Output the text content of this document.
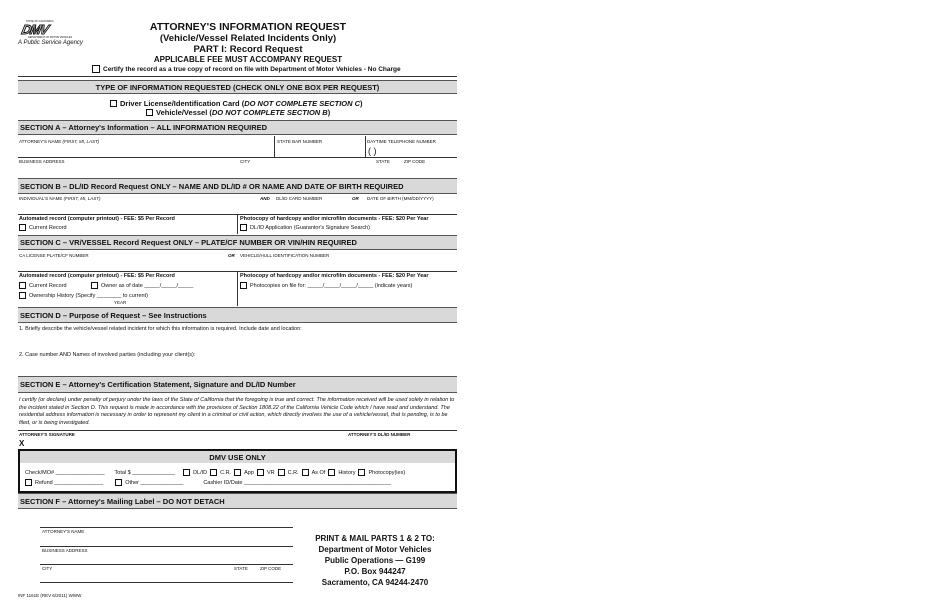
STATE OF CALIFORNIA
DMV
DEPARTMENT OF MOTOR VEHICLES
A Public Service Agency
ATTORNEY'S INFORMATION REQUEST
(Vehicle/Vessel Related Incidents Only)
PART I: Record Request
APPLICABLE FEE MUST ACCOMPANY REQUEST
Certify the record as a true copy of record on file with Department of Motor Vehicles - No Charge
TYPE OF INFORMATION REQUESTED (CHECK ONLY ONE BOX PER REQUEST)
Driver License/Identification Card (DO NOT COMPLETE SECTION C)
Vehicle/Vessel (DO NOT COMPLETE SECTION B)
SECTION A – Attorney's Information – ALL INFORMATION REQUIRED
ATTORNEY'S NAME (FIRST, MI, LAST)	STATE BAR NUMBER	DAYTIME TELEPHONE NUMBER
( )
BUSINESS ADDRESS	CITY	STATE	ZIP CODE
SECTION B – DL/ID Record Request ONLY – NAME AND DL/ID # OR NAME AND DATE OF BIRTH REQUIRED
INDIVIDUAL'S NAME (FIRST, MI, LAST)	AND DL/ID CARD NUMBER	OR DATE OF BIRTH (MM/DD/YYYY)
Automated record (computer printout) - FEE: $5 Per Record
Current Record
Photocopy of hardcopy and/or microfilm documents - FEE: $20 Per Year
DL/ID Application (Guarantor's Signature Search)
SECTION C – VR/VESSEL Record Request ONLY – PLATE/CF NUMBER OR VIN/HIN REQUIRED
CA LICENSE PLATE/CF NUMBER	OR VEHICLE/HULL IDENTIFICATION NUMBER
Automated record (computer printout) - FEE: $5 Per Record
Current Record	Owner as of date _____/_____/_____
Ownership History (Specify ________ to current)
YEAR
Photocopy of hardcopy and/or microfilm documents - FEE: $20 Per Year
Photocopies on file for: _____/_____/_____/_____ (indicate years)
SECTION D – Purpose of Request – See Instructions
1. Briefly describe the vehicle/vessel related incident for which this information is required. Include date and location:
2. Case number AND Names of involved parties (including your client(s):
SECTION E – Attorney's Certification Statement, Signature and DL/ID Number
I certify (or declare) under penalty of perjury under the laws of the State of California that the foregoing is true and correct. The information received will be used solely in relation to the incident stated in Section D. This request is made in accordance with the provisions of Section 1808.22 of the California Vehicle Code which I have read and understand. The residential address information is necessary in order to represent my client in a criminal or civil action, which directly involves the use of a vehicle/vessel, that is pending, is to be filed, or is being investigated.
ATTORNEY'S SIGNATURE	ATTORNEY'S DL/ID NUMBER
X
DMV USE ONLY
Check/MO# ________________ Total $ ______________	DL/ID C.R. App VR C.R. As Of History Photocopy(ies)
Refund ________________	Other ______________	Cashier ID/Date ________________________________________________
SECTION F – Attorney's Mailing Label – DO NOT DETACH
ATTORNEY'S NAME
BUSINESS ADDRESS
CITY	STATE	ZIP CODE
PRINT & MAIL PARTS 1 & 2 TO:
Department of Motor Vehicles
Public Operations — G199
P.O. Box 944247
Sacramento, CA 94244-2470
INF 1161E (REV 6/2011) WWW
